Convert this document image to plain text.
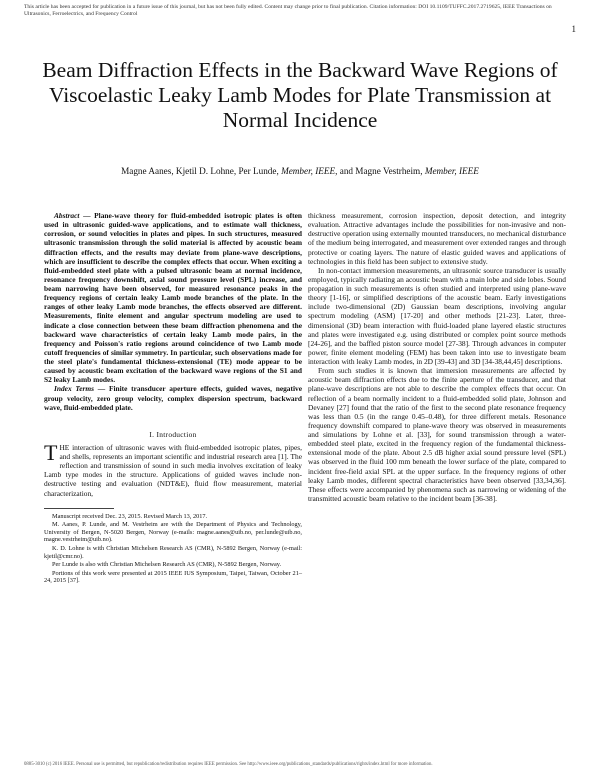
This article has been accepted for publication in a future issue of this journal, but has not been fully edited. Content may change prior to final publication. Citation information: DOI 10.1109/TUFFC.2017.2719625, IEEE Transactions on Ultrasonics, Ferroelectrics, and Frequency Control
1
Beam Diffraction Effects in the Backward Wave Regions of Viscoelastic Leaky Lamb Modes for Plate Transmission at Normal Incidence
Magne Aanes, Kjetil D. Lohne, Per Lunde, Member, IEEE, and Magne Vestrheim, Member, IEEE

Abstract — Plane-wave theory for fluid-embedded isotropic plates is often used in ultrasonic guided-wave applications, and to estimate wall thickness, corrosion, or sound velocities in plates and pipes. In such structures, measured ultrasonic transmission through the solid material is affected by acoustic beam diffraction effects, and the results may deviate from plane-wave descriptions, which are insufficient to describe the complex effects that occur. When exciting a fluid-embedded steel plate with a pulsed ultrasonic beam at normal incidence, resonance frequency downshift, axial sound pressure level (SPL) increase, and beam narrowing have been observed, for measured resonance peaks in the frequency regions of certain leaky Lamb mode branches of the plate. In the ranges of other leaky Lamb mode branches, the effects observed are different. Measurements, finite element and angular spectrum modeling are used to indicate a close connection between these beam diffraction phenomena and the backward wave characteristics of certain leaky Lamb mode pairs, in the frequency and Poisson's ratio regions around coincidence of two Lamb mode cutoff frequencies of similar symmetry. In particular, such observations made for the steel plate's fundamental thickness-extensional (TE) mode appear to be caused by acoustic beam excitation of the backward wave regions of the S1 and S2 leaky Lamb modes.

Index Terms — Finite transducer aperture effects, guided waves, negative group velocity, zero group velocity, complex dispersion spectrum, backward wave, fluid-embedded plate.

I. Introduction

THE interaction of ultrasonic waves with fluid-embedded isotropic plates, pipes, and shells, represents an important scientific and industrial research area [1]. The reflection and transmission of sound in such media involves excitation of leaky Lamb type modes in the structure. Applications of guided waves include non-destructive testing and evaluation (NDT&E), fluid flow measurement, material characterization,

Manuscript received Dec. 23, 2015. Revised March 13, 2017.

M. Aanes, P. Lunde, and M. Vestrheim are with the Department of Physics and Technology, University of Bergen, N-5020 Bergen, Norway (e-mails: magne.aanes@uib.no, per.lunde@uib.no, magne.vestrheim@uib.no).

K. D. Lohne is with Christian Michelsen Research AS (CMR), N-5892 Bergen, Norway (e-mail: kjetil@cmr.no).

Per Lunde is also with Christian Michelsen Research AS (CMR), N-5892 Bergen, Norway.

Portions of this work were presented at 2015 IEEE IUS Symposium, Taipei, Taiwan, October 21–24, 2015 [37].

thickness measurement, corrosion inspection, deposit detection, and integrity evaluation. Attractive advantages include the possibilities for non-invasive and non-destructive operation using externally mounted transducers, no mechanical disturbance of the medium being interrogated, and measurement over extended ranges and through protective or coating layers. The nature of elastic guided waves and applications of technologies in this field has been subject to extensive study.

In non-contact immersion measurements, an ultrasonic source transducer is usually employed, typically radiating an acoustic beam with a main lobe and side lobes. Sound propagation in such measurements is often studied and interpreted using plane-wave theory [1-16], or simplified descriptions of the acoustic beam. Early investigations include two-dimensional (2D) Gaussian beam descriptions, involving angular spectrum modeling (ASM) [17-20] and other methods [21-23]. Later, three-dimensional (3D) beam interaction with fluid-loaded plane layered elastic structures and plates were investigated e.g. using distributed or complex point source methods [24-26], and the baffled piston source model [27-38]. Through advances in computer power, finite element modeling (FEM) has been taken into use to investigate beam interaction with leaky Lamb modes, in 2D [39-43] and 3D [34-38,44,45] descriptions.

From such studies it is known that immersion measurements are affected by acoustic beam diffraction effects due to the finite aperture of the transducer, and that plane-wave descriptions are not able to describe the complex effects that occur. On reflection of a beam normally incident to a fluid-embedded solid plate, Johnson and Devaney [27] found that the ratio of the first to the second plate resonance frequency was less than 0.5 (in the range 0.45–0.48), for three different metals. Resonance frequency downshift compared to plane-wave theory was observed in measurements and simulations by Lohne et al. [33], for sound transmission through a water-embedded steel plate, excited in the frequency region of the fundamental thickness-extensional mode of the plate. About 2.5 dB higher axial sound pressure level (SPL) was observed in the fluid 100 mm beneath the lower surface of the plate, compared to incident free-field axial SPL at the upper surface. In the frequency regions of other leaky Lamb modes, different spectral characteristics have been observed [33,34,36]. These effects were accompanied by phenomena such as narrowing or widening of the transmitted acoustic beam relative to the incident beam [36-38].

0885-3010 (c) 2016 IEEE. Personal use is permitted, but republication/redistribution requires IEEE permission. See http://www.ieee.org/publications_standards/publications/rights/index.html for more information.
